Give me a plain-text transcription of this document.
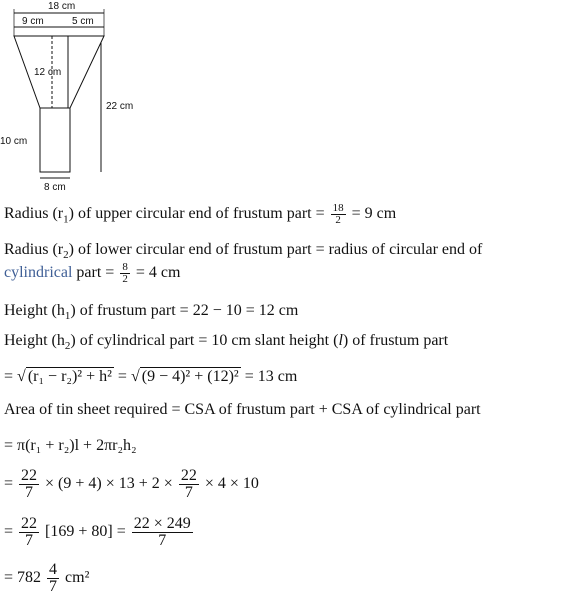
18 cm
9 cm	5 cm
12 cm
22 cm
10 cm
8 cm
Radius $(r_1)$ of upper circular end of frustum part = $\frac{18}{2} = 9$ cm
Radius $(r_2)$ of lower circular end of frustum part = radius of circular end of
cylindrical part = $\frac{8}{2} = 4$ cm
Height $(h_1)$ of frustum part = 22 − 10 = 12 cm
Height $(h_2)$ of cylindrical part = 10 cm slant height (l) of frustum part
= √ (r₁ − r₂)² + h² = √ (9 − 4)² + (12)² = 13 cm
Area of tin sheet required = CSA of frustum part + CSA of cylindrical part
= π(r₁ + r₂)l + 2πr₂h₂
= $\frac{22}{7} \times (9 + 4) \times 13 + 2 \times \frac{22}{7} \times 4 \times 10$
= $\frac{22}{7} [169 + 80] = \frac{22 \times 249}{7}$
= $782 \frac{4}{7} cm^2$
